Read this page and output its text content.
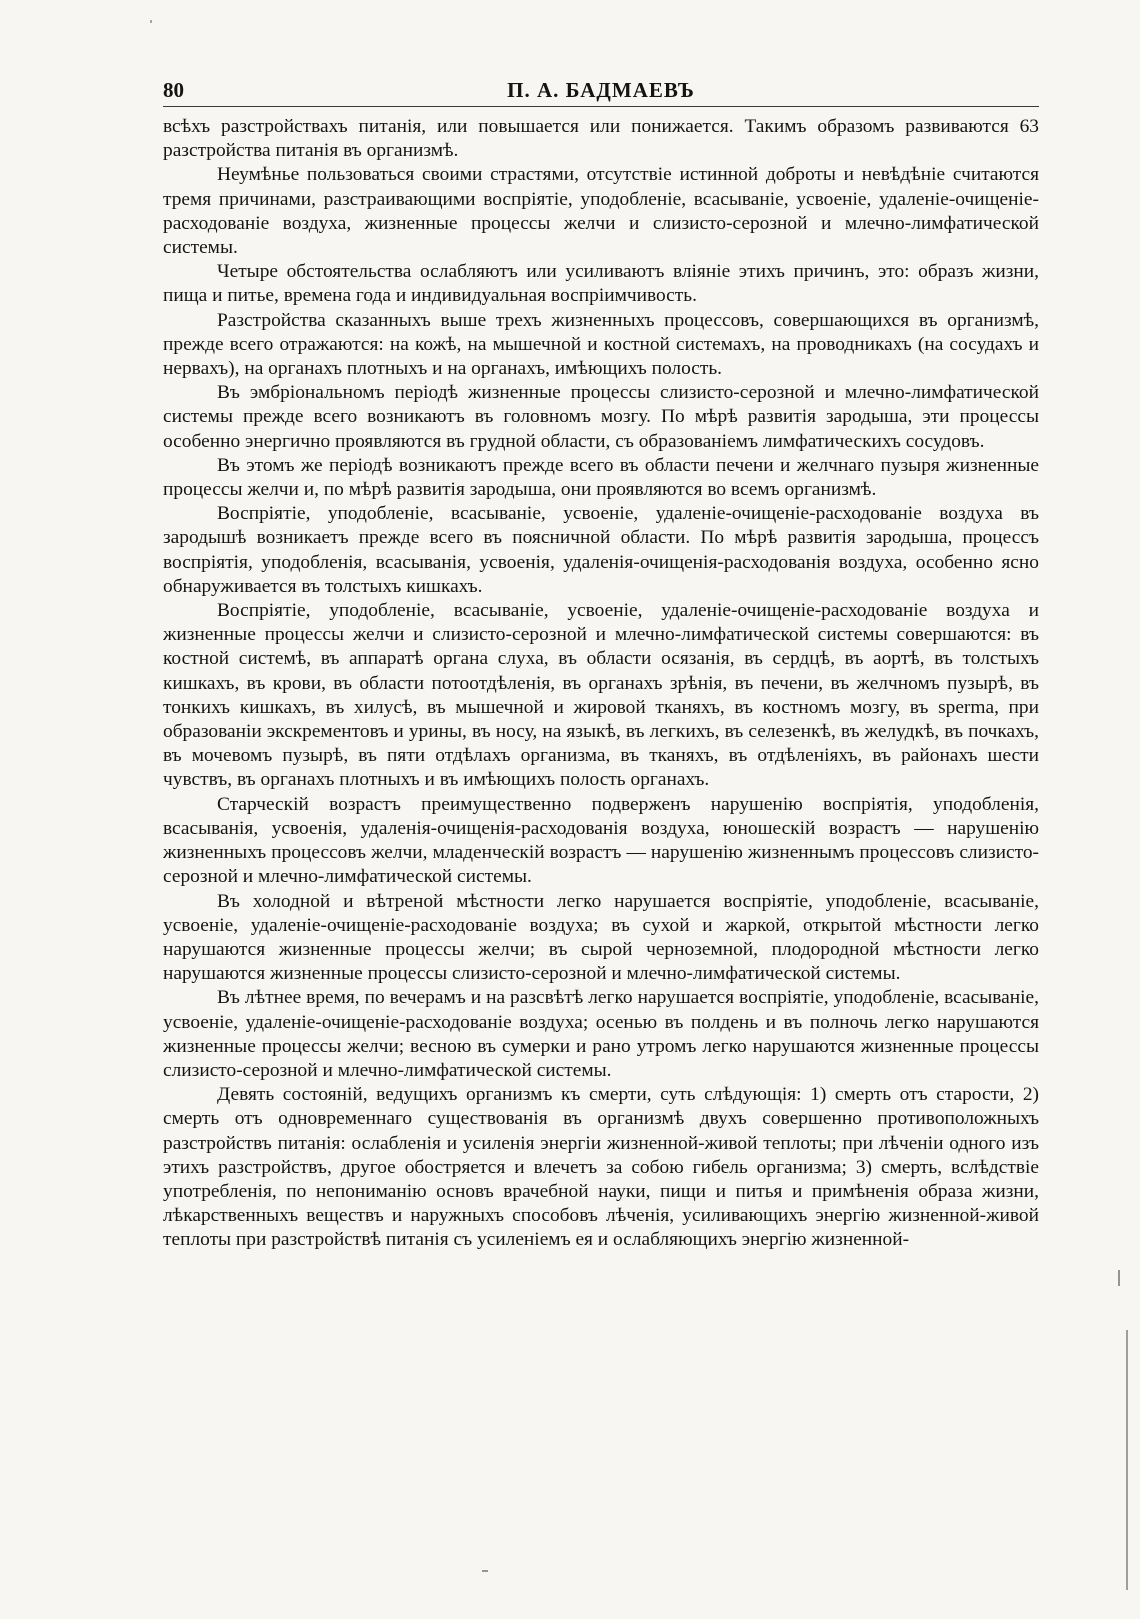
80	П. А. БАДМАЕВЪ

всѣхъ разстройствахъ питанія, или повышается или понижается. Такимъ образомъ развиваются 63 разстройства питанія въ организмѣ.

Неумѣнье пользоваться своими страстями, отсутствіе истинной доброты и невѣдѣніе считаются тремя причинами, разстраивающими воспріятіе, уподобленіе, всасываніе, усвоеніе, удаленіе-очищеніе-расходованіе воздуха, жизненные процессы желчи и слизисто-серозной и млечно-лимфатической системы.

Четыре обстоятельства ослабляютъ или усиливаютъ вліяніе этихъ причинъ, это: образъ жизни, пища и питье, времена года и индивидуальная воспріимчивость.

Разстройства сказанныхъ выше трехъ жизненныхъ процессовъ, совершающихся въ организмѣ, прежде всего отражаются: на кожѣ, на мышечной и костной системахъ, на проводникахъ (на сосудахъ и нервахъ), на органахъ плотныхъ и на органахъ, имѣющихъ полость.

Въ эмбріональномъ періодѣ жизненные процессы слизисто-серозной и млечно-лимфатической системы прежде всего возникаютъ въ головномъ мозгу. По мѣрѣ развитія зародыша, эти процессы особенно энергично проявляются въ грудной области, съ образованіемъ лимфатическихъ сосудовъ.

Въ этомъ же періодѣ возникаютъ прежде всего въ области печени и желчнаго пузыря жизненные процессы желчи и, по мѣрѣ развитія зародыша, они проявляются во всемъ организмѣ.

Воспріятіе, уподобленіе, всасываніе, усвоеніе, удаленіе-очищеніе-расходованіе воздуха въ зародышѣ возникаетъ прежде всего въ поясничной области. По мѣрѣ развитія зародыша, процессъ воспріятія, уподобленія, всасыванія, усвоенія, удаленія-очищенія-расходованія воздуха, особенно ясно обнаруживается въ толстыхъ кишкахъ.

Воспріятіе, уподобленіе, всасываніе, усвоеніе, удаленіе-очищеніе-расходованіе воздуха и жизненные процессы желчи и слизисто-серозной и млечно-лимфатической системы совершаются: въ костной системѣ, въ аппаратѣ органа слуха, въ области осязанія, въ сердцѣ, въ аортѣ, въ толстыхъ кишкахъ, въ крови, въ области потоотдѣленія, въ органахъ зрѣнія, въ печени, въ желчномъ пузырѣ, въ тонкихъ кишкахъ, въ хилусѣ, въ мышечной и жировой тканяхъ, въ костномъ мозгу, въ sperma, при образованіи экскрементовъ и урины, въ носу, на языкѣ, въ легкихъ, въ селезенкѣ, въ желудкѣ, въ почкахъ, въ мочевомъ пузырѣ, въ пяти отдѣлахъ организма, въ тканяхъ, въ отдѣленіяхъ, въ районахъ шести чувствъ, въ органахъ плотныхъ и въ имѣющихъ полость органахъ.

Старческій возрастъ преимущественно подверженъ нарушенію воспріятія, уподобленія, всасыванія, усвоенія, удаленія-очищенія-расходованія воздуха, юношескій возрастъ — нарушенію жизненныхъ процессовъ желчи, младенческій возрастъ — нарушенію жизненнымъ процессовъ слизисто-серозной и млечно-лимфатической системы.

Въ холодной и вѣтреной мѣстности легко нарушается воспріятіе, уподобленіе, всасываніе, усвоеніе, удаленіе-очищеніе-расходованіе воздуха; въ сухой и жаркой, открытой мѣстности легко нарушаются жизненные процессы желчи; въ сырой черноземной, плодородной мѣстности легко нарушаются жизненные процессы слизисто-серозной и млечно-лимфатической системы.

Въ лѣтнее время, по вечерамъ и на разсвѣтѣ легко нарушается воспріятіе, уподобленіе, всасываніе, усвоеніе, удаленіе-очищеніе-расходованіе воздуха; осенью въ полдень и въ полночь легко нарушаются жизненные процессы желчи; весною въ сумерки и рано утромъ легко нарушаются жизненные процессы слизисто-серозной и млечно-лимфатической системы.

Девять состояній, ведущихъ организмъ къ смерти, суть слѣдующія: 1) смерть отъ старости, 2) смерть отъ одновременнаго существованія въ организмѣ двухъ совершенно противоположныхъ разстройствъ питанія: ослабленія и усиленія энергіи жизненной-живой теплоты; при лѣченіи одного изъ этихъ разстройствъ, другое обостряется и влечетъ за собою гибель организма; 3) смерть, вслѣдствіе употребленія, по непониманію основъ врачебной науки, пищи и питья и примѣненія образа жизни, лѣкарственныхъ веществъ и наружныхъ способовъ лѣченія, усиливающихъ энергію жизненной-живой теплоты при разстройствѣ питанія съ усиленіемъ ея и ослабляющихъ энергію жизненной-
